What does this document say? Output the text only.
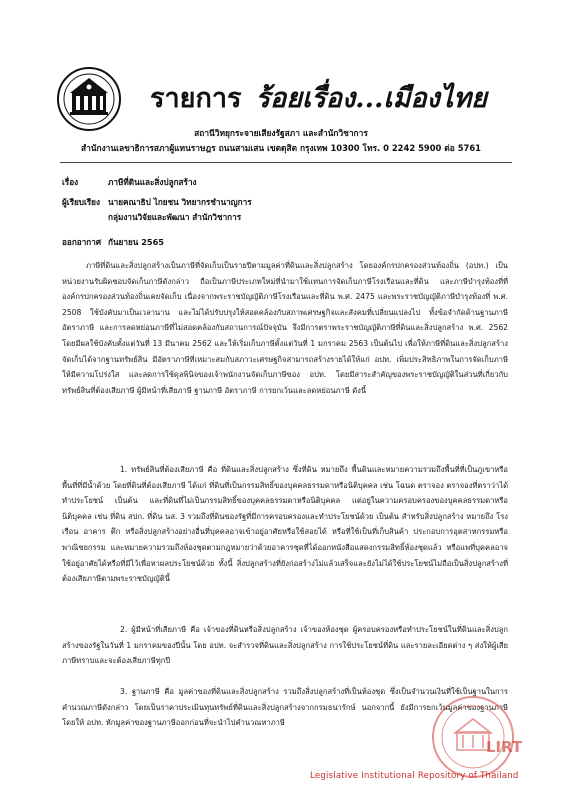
รายการ ร้อยเรื่อง...เมืองไทย
สถานีวิทยุกระจายเสียงรัฐสภา และสำนักวิชาการ
สำนักงานเลขาธิการสภาผู้แทนราษฎร ถนนสามเสน เขตดุสิต กรุงเทพ 10300 โทร. 0 2242 5900 ต่อ 5761
เรื่อง	ภาษีที่ดินและสิ่งปลูกสร้าง
ผู้เรียบเรียง นายคณาธิป ไกยชน วิทยากรชำนาญการ
กลุ่มงานวิจัยและพัฒนา สำนักวิชาการ
ออกอากาศ กันยายน 2565

ภาษีที่ดินและสิ่งปลูกสร้างเป็นภาษีที่จัดเก็บเป็นรายปีตามมูลค่าที่ดินและสิ่งปลูกสร้าง โดยองค์กรปกครองส่วนท้องถิ่น (อปท.) เป็นหน่วยงานรับผิดชอบจัดเก็บภาษีดังกล่าว ถือเป็นภาษีประเภทใหม่ที่นำมาใช้แทนการจัดเก็บภาษีโรงเรือนและที่ดิน และภาษีบำรุงท้องที่ที่องค์กรปกครองส่วนท้องถิ่นเคยจัดเก็บ เนื่องจากพระราชบัญญัติภาษีโรงเรือนและที่ดิน พ.ศ. 2475 และพระราชบัญญัติภาษีบำรุงท้องที่ พ.ศ. 2508 ใช้บังคับมาเป็นเวลานาน และไม่ได้ปรับปรุงให้สอดคล้องกับสภาพเศรษฐกิจและสังคมที่เปลี่ยนแปลงไป ทั้งข้อจำกัดด้านฐานภาษี อัตราภาษี และการลดหย่อนภาษีที่ไม่สอดคล้องกับสถานการณ์ปัจจุบัน จึงมีการตราพระราชบัญญัติภาษีที่ดินและสิ่งปลูกสร้าง พ.ศ. 2562 โดยมีผลใช้บังคับตั้งแต่วันที่ 13 มีนาคม 2562 และให้เริ่มเก็บภาษีตั้งแต่วันที่ 1 มกราคม 2563 เป็นต้นไป เพื่อให้ภาษีที่ดินและสิ่งปลูกสร้างจัดเก็บได้จากฐานทรัพย์สิน มีอัตราภาษีที่เหมาะสมกับสภาวะเศรษฐกิจสามารถสร้างรายได้ให้แก่ อปท. เพิ่มประสิทธิภาพในการจัดเก็บภาษีให้มีความโปร่งใส และลดการใช้ดุลพินิจของเจ้าพนักงานจัดเก็บภาษีของ อปท. โดยมีสาระสำคัญของพระราชบัญญัติในส่วนที่เกี่ยวกับทรัพย์สินที่ต้องเสียภาษี ผู้มีหน้าที่เสียภาษี ฐานภาษี อัตราภาษี การยกเว้นและลดหย่อนภาษี ดังนี้

1. ทรัพย์สินที่ต้องเสียภาษี คือ ที่ดินและสิ่งปลูกสร้าง ซึ่งที่ดิน หมายถึง พื้นดินและหมายความรวมถึงพื้นที่ที่เป็นภูเขาหรือพื้นที่ที่มีน้ำด้วย โดยที่ดินที่ต้องเสียภาษี ได้แก่ ที่ดินที่เป็นกรรมสิทธิ์ของบุคคลธรรมดาหรือนิติบุคคล เช่น โฉนด ตราจอง ตราจองที่ตราว่าได้ทำประโยชน์ เป็นต้น และที่ดินที่ไม่เป็นกรรมสิทธิ์ของบุคคลธรรมดาหรือนิติบุคคล แต่อยู่ในความครอบครองของบุคคลธรรมดาหรือนิติบุคคล เช่น ที่ดิน สปก. ที่ดิน นส. 3 รวมถึงที่ดินของรัฐที่มีการครอบครองและทำประโยชน์ด้วย เป็นต้น สำหรับสิ่งปลูกสร้าง หมายถึง โรงเรือน อาคาร ตึก หรือสิ่งปลูกสร้างอย่างอื่นที่บุคคลอาจเข้าอยู่อาศัยหรือใช้สอยได้ หรือที่ใช้เป็นที่เก็บสินค้า ประกอบการอุตสาหกรรมหรือพาณิชยกรรม และหมายความรวมถึงห้องชุดตามกฎหมายว่าด้วยอาคารชุดที่ได้ออกหนังสือแสดงกรรมสิทธิ์ห้องชุดแล้ว หรือแพที่บุคคลอาจใช้อยู่อาศัยได้หรือที่มีไว้เพื่อหาผลประโยชน์ด้วย ทั้งนี้ สิ่งปลูกสร้างที่ยังก่อสร้างไม่แล้วเสร็จและยังไม่ได้ใช้ประโยชน์ไม่ถือเป็นสิ่งปลูกสร้างที่ต้องเสียภาษีตามพระราชบัญญัตินี้

2. ผู้มีหน้าที่เสียภาษี คือ เจ้าของที่ดินหรือสิ่งปลูกสร้าง เจ้าของห้องชุด ผู้ครอบครองหรือทำประโยชน์ในที่ดินและสิ่งปลูกสร้างของรัฐในวันที่ 1 มกราคมของปีนั้น โดย อปท. จะสำรวจที่ดินและสิ่งปลูกสร้าง การใช้ประโยชน์ที่ดิน และรายละเอียดต่าง ๆ ส่งให้ผู้เสียภาษีทราบและจะต้องเสียภาษีทุกปี

3. ฐานภาษี คือ มูลค่าของที่ดินและสิ่งปลูกสร้าง รวมถึงสิ่งปลูกสร้างที่เป็นห้องชุด ซึ่งเป็นจำนวนเงินที่ใช้เป็นฐานในการคำนวณภาษีดังกล่าว โดยเป็นราคาประเมินทุนทรัพย์ที่ดินและสิ่งปลูกสร้างจากกรมธนารักษ์ นอกจากนี้ ยังมีการยกเว้นมูลค่าของฐานภาษี โดยให้ อปท. หักมูลค่าของฐานภาษีออกก่อนที่จะนำไปคำนวณหาภาษี

LIRT
Legislative Institutional Repository of Thailand
